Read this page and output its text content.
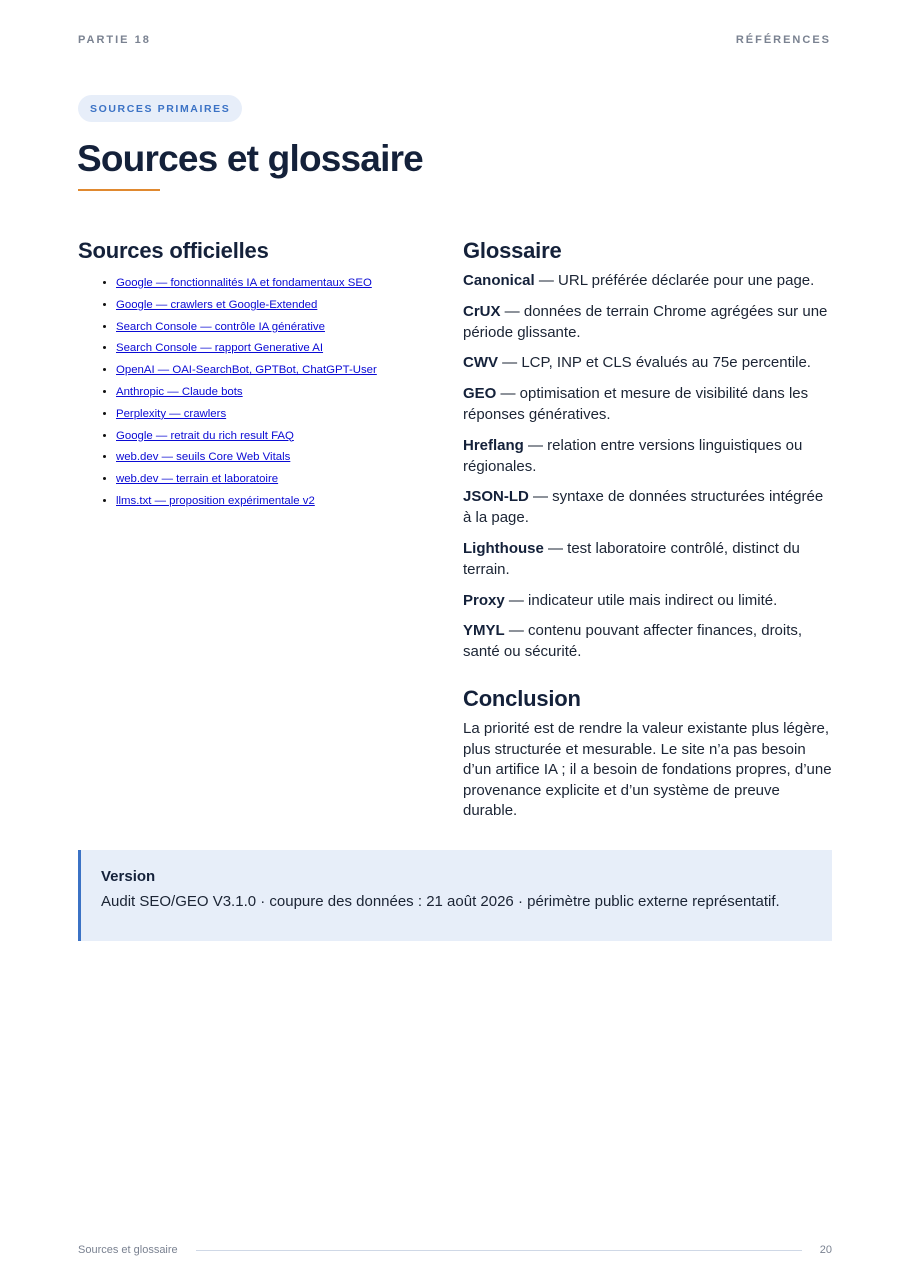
PARTIE 18	RÉFÉRENCES
SOURCES PRIMAIRES
Sources et glossaire
Sources officielles
• Google — fonctionnalités IA et fondamentaux SEO
• Google — crawlers et Google-Extended
• Search Console — contrôle IA générative
• Search Console — rapport Generative AI
• OpenAI — OAI-SearchBot, GPTBot, ChatGPT-User
• Anthropic — Claude bots
• Perplexity — crawlers
• Google — retrait du rich result FAQ
• web.dev — seuils Core Web Vitals
• web.dev — terrain et laboratoire
• llms.txt — proposition expérimentale v2
Glossaire

Canonical — URL préférée déclarée pour une page.

CrUX — données de terrain Chrome agrégées sur une période glissante.

CWV — LCP, INP et CLS évalués au 75e percentile.

GEO — optimisation et mesure de visibilité dans les réponses génératives.

Hreflang — relation entre versions linguistiques ou régionales.

JSON-LD — syntaxe de données structurées intégrée à la page.

Lighthouse — test laboratoire contrôlé, distinct du terrain.

Proxy — indicateur utile mais indirect ou limité.

YMYL — contenu pouvant affecter finances, droits, santé ou sécurité.

Conclusion

La priorité est de rendre la valeur existante plus légère, plus structurée et mesurable. Le site n’a pas besoin d’un artifice IA ; il a besoin de fondations propres, d’une provenance explicite et d’un système de preuve durable.

Version
Audit SEO/GEO V3.1.0 · coupure des données : 21 août 2026 · périmètre public externe représentatif.
Sources et glossaire	20
